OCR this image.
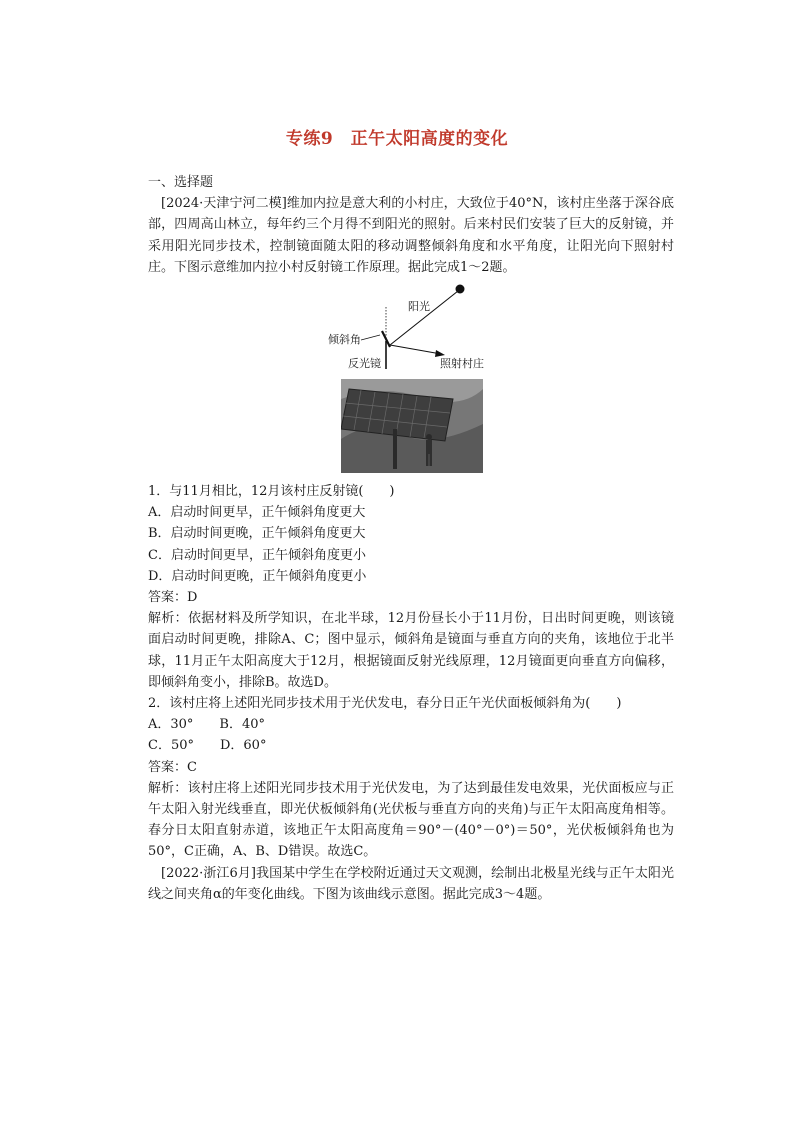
专练9　正午太阳高度的变化

一、选择题

[2024·天津宁河二模]维加内拉是意大利的小村庄，大致位于40°N，该村庄坐落于深谷底部，四周高山林立，每年约三个月得不到阳光的照射。后来村民们安装了巨大的反射镜，并采用阳光同步技术，控制镜面随太阳的移动调整倾斜角度和水平角度，让阳光向下照射村庄。下图示意维加内拉小村反射镜工作原理。据此完成1～2题。

阳光
倾斜角
反光镜	照射村庄

1．与11月相比，12月该村庄反射镜(　　)

A．启动时间更早，正午倾斜角度更大

B．启动时间更晚，正午倾斜角度更大

C．启动时间更早，正午倾斜角度更小

D．启动时间更晚，正午倾斜角度更小

答案：D

解析：依据材料及所学知识，在北半球，12月份昼长小于11月份，日出时间更晚，则该镜面启动时间更晚，排除A、C；图中显示，倾斜角是镜面与垂直方向的夹角，该地位于北半球，11月正午太阳高度大于12月，根据镜面反射光线原理，12月镜面更向垂直方向偏移，即倾斜角变小，排除B。故选D。

2．该村庄将上述阳光同步技术用于光伏发电，春分日正午光伏面板倾斜角为(　　)

A．30°　　B．40°

C．50°　　D．60°

答案：C

解析：该村庄将上述阳光同步技术用于光伏发电，为了达到最佳发电效果，光伏面板应与正午太阳入射光线垂直，即光伏板倾斜角(光伏板与垂直方向的夹角)与正午太阳高度角相等。春分日太阳直射赤道，该地正午太阳高度角＝90°－(40°－0°)＝50°，光伏板倾斜角也为50°，C正确，A、B、D错误。故选C。

[2022·浙江6月]我国某中学生在学校附近通过天文观测，绘制出北极星光线与正午太阳光线之间夹角α的年变化曲线。下图为该曲线示意图。据此完成3～4题。
